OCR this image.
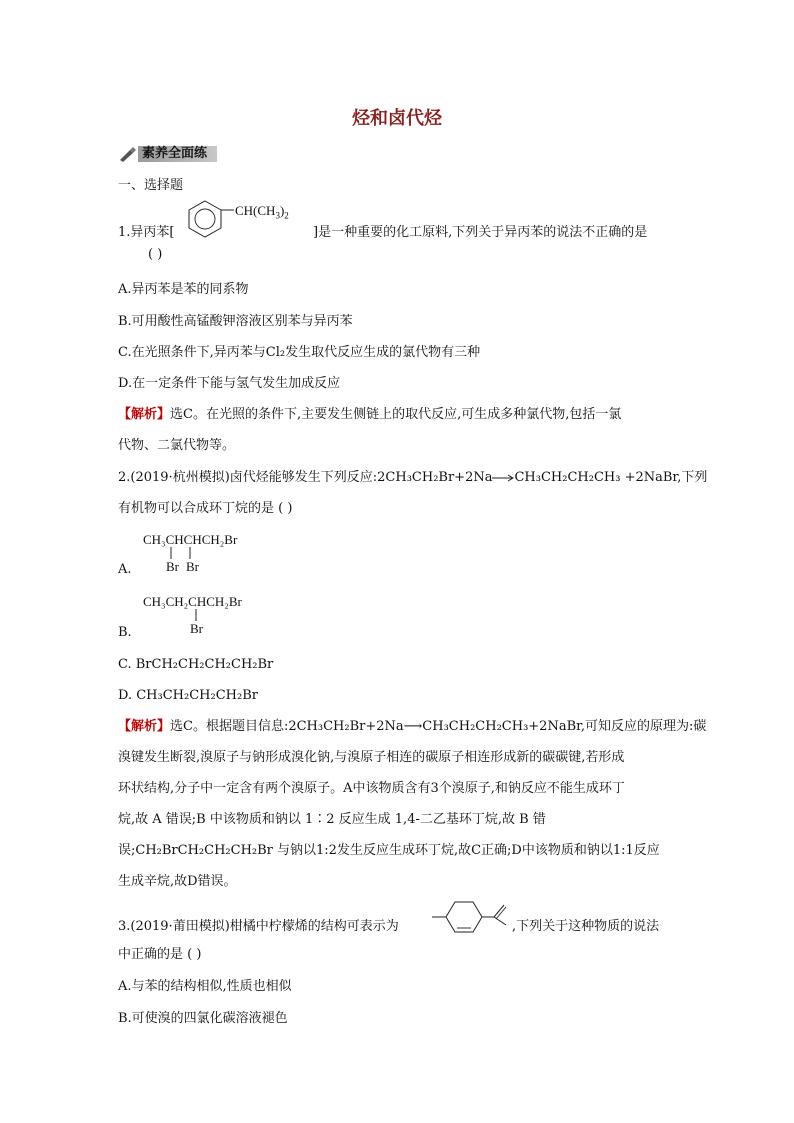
烃和卤代烃
素养全面练
一、选择题
1.异丙苯[
$CH(CH_3)_2$
]是一种重要的化工原料,下列关于异丙苯的说法不正确的是
( )
A.异丙苯是苯的同系物
B.可用酸性高锰酸钾溶液区别苯与异丙苯
C.在光照条件下,异丙苯与Cl₂发生取代反应生成的氯代物有三种
D.在一定条件下能与氢气发生加成反应
【解析】选C。在光照的条件下,主要发生侧链上的取代反应,可生成多种氯代物,包括一氯
代物、二氯代物等。
2.(2019·杭州模拟)卤代烃能够发生下列反应:2CH₃CH₂Br+2Na→CH₃CH₂CH₂CH₃ +2NaBr,下列
有机物可以合成环丁烷的是 ( )
CH₃CHCHCH₂Br
Br Br
A.
CH₃CH₂CHCH₂Br
Br
B.
C. BrCH₂CH₂CH₂CH₂Br
D. CH₃CH₂CH₂CH₂Br
【解析】选C。根据题目信息:2CH₃CH₂Br+2Na⟶CH₃CH₂CH₂CH₃+2NaBr,可知反应的原理为:碳
溴键发生断裂,溴原子与钠形成溴化钠,与溴原子相连的碳原子相连形成新的碳碳键,若形成
环状结构,分子中一定含有两个溴原子。A中该物质含有3个溴原子,和钠反应不能生成环丁
烷,故 A 错误;B 中该物质和钠以 1∶2 反应生成 1,4-二乙基环丁烷,故 B 错
误;CH₂BrCH₂CH₂CH₂Br 与钠以1:2发生反应生成环丁烷,故C正确;D中该物质和钠以1:1反应
生成辛烷,故D错误。
3.(2019·莆田模拟)柑橘中柠檬烯的结构可表示为	,下列关于这种物质的说法
中正确的是 ( )
A.与苯的结构相似,性质也相似
B.可使溴的四氯化碳溶液褪色
